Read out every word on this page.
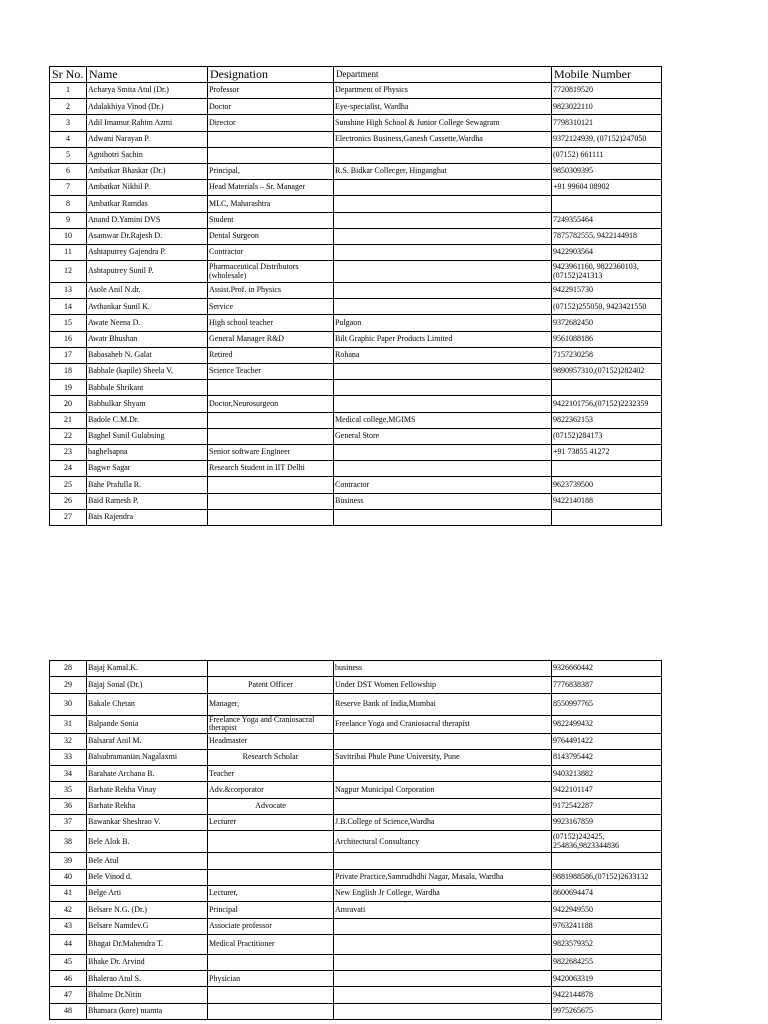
Sr No.	Name	Designation	Department	Mobile Number
1	Acharya Smita Atul (Dr.)	Professor	Department of Physics	7720819520
2	Adalakhiya Vinod (Dr.)	Doctor	Eye-specialist, Wardha	9823022110
3	Adil Imamur Rahim Azmi	Director	Sunshine High School & Junior College Sewagram	7798310121
4	Adwani Narayan P.		Electronics Business,Ganesh Cassette,Wardha	9372124939, (07152)247050
5	Agnihotri Sachin			(07152) 661111
6	Ambatkar Bhaskar (Dr.)	Principal,	R.S. Bidkar Collecger, Hinganghat	9850309395
7	Ambatkar Nikhil P.	Head Materials – Sr. Manager		+91 99604 08902
8	Ambatkar Ramdas	MLC, Maharashtra		
9	Anand D.Yamini DVS	Student		7249355464
10	Asamwar Dr.Rajesh D.	Dental Surgeon		7875782555, 9422144918
11	Ashtaputrey Gajendra P.	Contractor		9422903564
12	Ashtaputrey Sunil P.	Pharmaceutical Distributors (wholesale)		9423961160, 9822360103, (07152)241313
13	Asole Anil N.dr.	Assist.Prof. in Physics		9422915730
14	Avthankar Sunil K.	Service		(07152)255050, 9423421550
15	Awate Neena D.	High school teacher	Pulgaon	9372682450
16	Awatr Bhushan	General Manager R&D	Bilt Graphic Paper Products Limited	9561088186
17	Babasaheb N. Galat	Retired	Rohana	7157230258
18	Babhale (kapile) Sheela V.	Science Teacher		9890957310,(07152)282402
19	Babhale Shrikant			
20	Babhulkar Shyam	Doctor,Neurosurgeon		9422101756,(07152)2232359
21	Badole C.M.Dr.		Medical college,MGIMS	9822362153
22	Baghel Sunil Gulabsing		General Store	(07152)284173
23	baghelsapna	Senior software Engineer		+91 73855 41272
24	Bagwe Sagar	Research Student in IIT Delhi		
25	Bahe Prafulla R.		Contractor	9623739500
26	Baid Ramesh P.		Business	9422140188
27	Bais Rajendra			
28	Bajaj Kamal.K.		business	9326660442
29	Bajaj Sonal (Dr.)	Patent Officer	Under DST Women Fellowship	7776838387
30	Bakale Chetan	Manager,	Reserve Bank of India,Mumbai	8550997765
31	Balpande Sonia	Freelance Yoga and Craniosacral therapist	Freelance Yoga and Craniosacral therapist	9822499432
32	Balsaraf Anil M.	Headmaster		9764491422
33	Balsubramanian Nagalaxmi	Research Scholar	Savitribai Phule Pune University, Pune	8143795442
34	Barahate Archana B.	Teacher		9403213882
35	Barhate Rekha Vinay	Adv.&corporator	Nagpur Municipal Corporation	9422101147
36	Barhate Rekha	Advocate		9172542287
37	Bawankar Sheshrao V.	Lecturer	J.B.College of Science,Wardha	9923167859
38	Bele Alok B.		Architectural Consultancy	(07152)242425, 254836,9823344836
39	Bele Atul			
40	Bele Vinod d.		Private Practice,Samrudhdhi Nagar, Masala, Wardha	9881988586,(07152)2633132
41	Belge Arti	Lecturer,	New English Jr College, Wardha	8600694474
42	Belsare N.G. (Dr.)	Principal	Amravati	9422949550
43	Belsare Namdev.G	Associate professor		9763241188
44	Bhagat Dr.Mahendra T.	Medical Practitioner		9823579352
45	Bhake Dr. Arvind			9822684255
46	Bhalerao Atul S.	Physician		9420063319
47	Bhalme Dr.Nitin			9422144878
48	Bhamara (kore) mamta			9975265675
